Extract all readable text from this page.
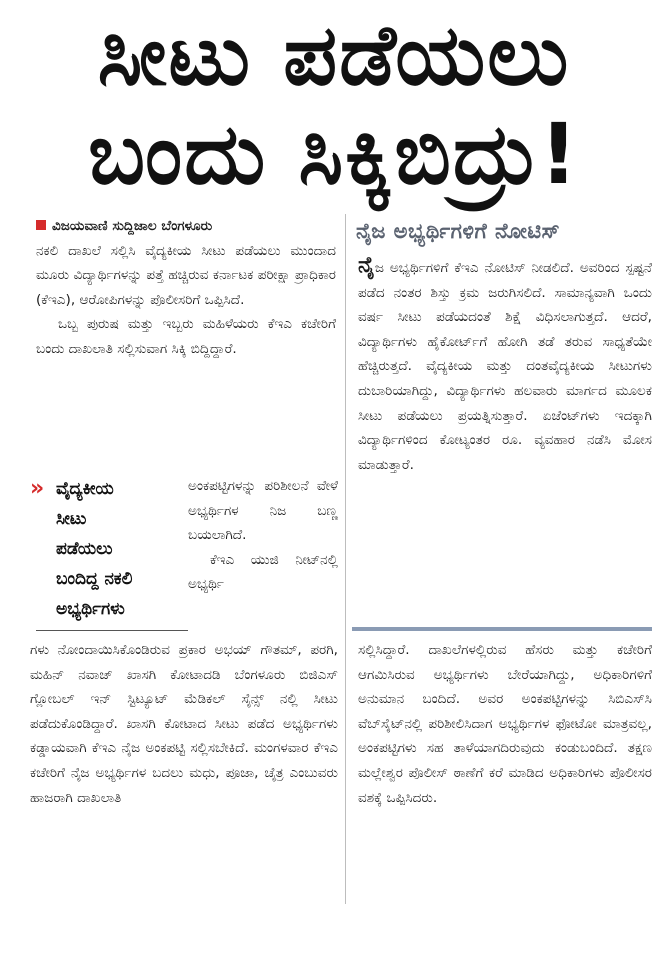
ಸೀಟು ಪಡೆಯಲು
ಬಂದು ಸಿಕ್ಕಿಬಿದ್ರು!

ವಿಜಯವಾಣಿ ಸುದ್ದಿಜಾಲ ಬೆಂಗಳೂರು

ನಕಲಿ ದಾಖಲೆ ಸಲ್ಲಿಸಿ ವೈದ್ಯಕೀಯ ಸೀಟು ಪಡೆಯಲು ಮುಂದಾದ ಮೂರು ವಿದ್ಯಾರ್ಥಿಗಳನ್ನು ಪತ್ತೆ ಹಚ್ಚಿರುವ ಕರ್ನಾಟಕ ಪರೀಕ್ಷಾ ಪ್ರಾಧಿಕಾರ (ಕೆಇಎ), ಆರೋಪಿಗಳನ್ನು ಪೊಲೀಸರಿಗೆ ಒಪ್ಪಿಸಿದೆ.

ಒಬ್ಬ ಪುರುಷ ಮತ್ತು ಇಬ್ಬರು ಮಹಿಳೆಯರು ಕೆಇಎ ಕಚೇರಿಗೆ ಬಂದು ದಾಖಲಾತಿ ಸಲ್ಲಿಸುವಾಗ ಸಿಕ್ಕಿ ಬಿದ್ದಿದ್ದಾರೆ.

» ವೈದ್ಯಕೀಯ
ಸೀಟು
ಪಡೆಯಲು
ಬಂದಿದ್ದ ನಕಲಿ
ಅಭ್ಯರ್ಥಿಗಳು

ಅಂಕಪಟ್ಟಿಗಳನ್ನು ಪರಿಶೀಲನೆ ವೇಳೆ ಅಭ್ಯರ್ಥಿಗಳ ನಿಜ ಬಣ್ಣ ಬಯಲಾಗಿದೆ.

ಕೆಇಎ ಯುಜಿ ನೀಟ್‌ನಲ್ಲಿ ಅಭ್ಯರ್ಥಿ

ಗಳು ನೋಂದಾಯಿಸಿಕೊಂಡಿರುವ ಪ್ರಕಾರ ಅಭಯ್ ಗೌತಮ್, ಪರಗಿ, ಮಹಿನ್ ನವಾಜ್ ಖಾಸಗಿ ಕೋಟಾದಡಿ ಬೆಂಗಳೂರು ಬಿಜಿಎಸ್ ಗ್ಲೋಬಲ್ ಇನ್ ಸ್ಟಿಟ್ಯೂಟ್ ಮೆಡಿಕಲ್ ಸೈನ್ಸ್ ನಲ್ಲಿ ಸೀಟು ಪಡೆದುಕೊಂಡಿದ್ದಾರೆ. ಖಾಸಗಿ ಕೋಟಾದ ಸೀಟು ಪಡೆದ ಅಭ್ಯರ್ಥಿಗಳು ಕಡ್ಡಾಯವಾಗಿ ಕೆಇಎ ನೈಜ ಅಂಕಪಟ್ಟಿ ಸಲ್ಲಿಸಬೇಕಿದೆ. ಮಂಗಳವಾರ ಕೆಇಎ ಕಚೇರಿಗೆ ನೈಜ ಅಭ್ಯರ್ಥಿಗಳ ಬದಲು ಮಧು, ಪೂಜಾ, ಚೈತ್ರ ಎಂಬುವರು ಹಾಜರಾಗಿ ದಾಖಲಾತಿ

ನೈಜ ಅಭ್ಯರ್ಥಿಗಳಿಗೆ ನೋಟಿಸ್

ನೈಜ ಅಭ್ಯರ್ಥಿಗಳಿಗೆ ಕೆಇಎ ನೋಟಿಸ್ ನೀಡಲಿದೆ. ಅವರಿಂದ ಸ್ಪಷ್ಟನೆ ಪಡೆದ ನಂತರ ಶಿಸ್ತು ಕ್ರಮ ಜರುಗಿಸಲಿದೆ. ಸಾಮಾನ್ಯವಾಗಿ ಒಂದು ವರ್ಷ ಸೀಟು ಪಡೆಯದಂತೆ ಶಿಕ್ಷೆ ವಿಧಿಸಲಾಗುತ್ತದೆ. ಆದರೆ, ವಿದ್ಯಾರ್ಥಿಗಳು ಹೈಕೋರ್ಟ್‌ಗೆ ಹೋಗಿ ತಡೆ ತರುವ ಸಾಧ್ಯತೆಯೇ ಹೆಚ್ಚಿರುತ್ತದೆ. ವೈದ್ಯಕೀಯ ಮತ್ತು ದಂತವೈದ್ಯಕೀಯ ಸೀಟುಗಳು ದುಬಾರಿಯಾಗಿದ್ದು, ವಿದ್ಯಾರ್ಥಿಗಳು ಹಲವಾರು ಮಾರ್ಗದ ಮೂಲಕ ಸೀಟು ಪಡೆಯಲು ಪ್ರಯತ್ನಿಸುತ್ತಾರೆ. ಏಜೆಂಟ್‌ಗಳು ಇದಕ್ಕಾಗಿ ವಿದ್ಯಾರ್ಥಿಗಳಿಂದ ಕೋಟ್ಯಂತರ ರೂ. ವ್ಯವಹಾರ ನಡೆಸಿ ಮೋಸ ಮಾಡುತ್ತಾರೆ.

ಸಲ್ಲಿಸಿದ್ದಾರೆ. ದಾಖಲೆಗಳಲ್ಲಿರುವ ಹೆಸರು ಮತ್ತು ಕಚೇರಿಗೆ ಆಗಮಿಸಿರುವ ಅಭ್ಯರ್ಥಿಗಳು ಬೇರೆಯಾಗಿದ್ದು, ಅಧಿಕಾರಿಗಳಿಗೆ ಅನುಮಾನ ಬಂದಿದೆ. ಅವರ ಅಂಕಪಟ್ಟಿಗಳನ್ನು ಸಿಬಿಎಸ್‌ಸಿ ವೆಬ್‌ಸೈಟ್‌ನಲ್ಲಿ ಪರಿಶೀಲಿಸಿದಾಗ ಅಭ್ಯರ್ಥಿಗಳ ಫೋಟೋ ಮಾತ್ರವಲ್ಲ, ಅಂಕಪಟ್ಟಿಗಳು ಸಹ ತಾಳೆಯಾಗದಿರುವುದು ಕಂಡುಬಂದಿದೆ. ತಕ್ಷಣ ಮಲ್ಲೇಶ್ವರ ಪೊಲೀಸ್ ಠಾಣೆಗೆ ಕರೆ ಮಾಡಿದ ಅಧಿಕಾರಿಗಳು ಪೊಲೀಸರ ವಶಕ್ಕೆ ಒಪ್ಪಿಸಿದರು.
